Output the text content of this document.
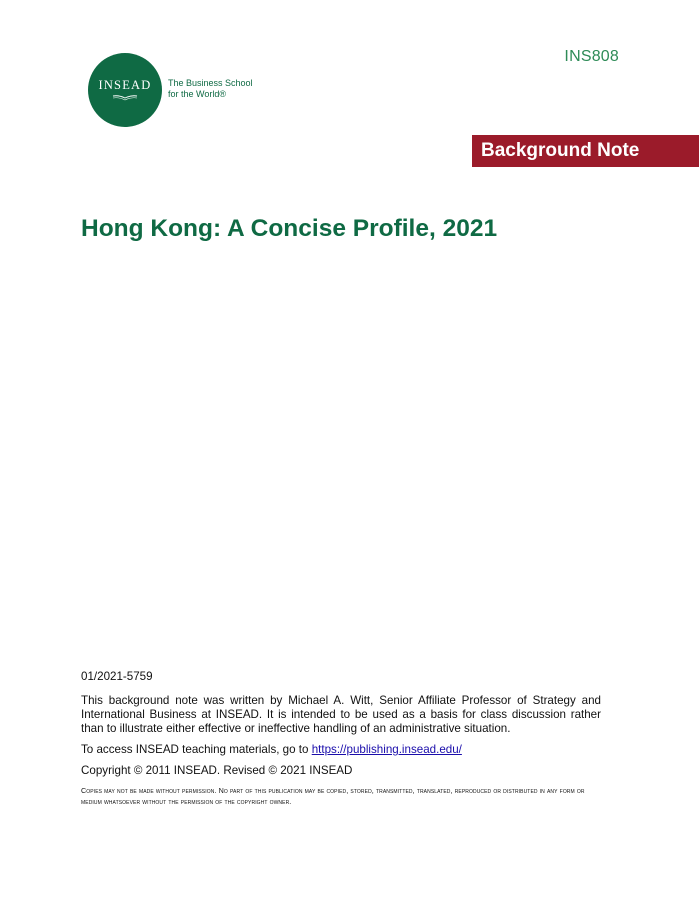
INS808
INSEAD The Business School
for the World®
Background Note
Hong Kong: A Concise Profile, 2021

01/2021-5759

This background note was written by Michael A. Witt, Senior Affiliate Professor of Strategy and International Business at INSEAD. It is intended to be used as a basis for class discussion rather than to illustrate either effective or ineffective handling of an administrative situation.

To access INSEAD teaching materials, go to https://publishing.insead.edu/

Copyright © 2011 INSEAD. Revised © 2021 INSEAD

Copies may not be made without permission. No part of this publication may be copied, stored, transmitted, translated, reproduced or distributed in any form or medium whatsoever without the permission of the copyright owner.
